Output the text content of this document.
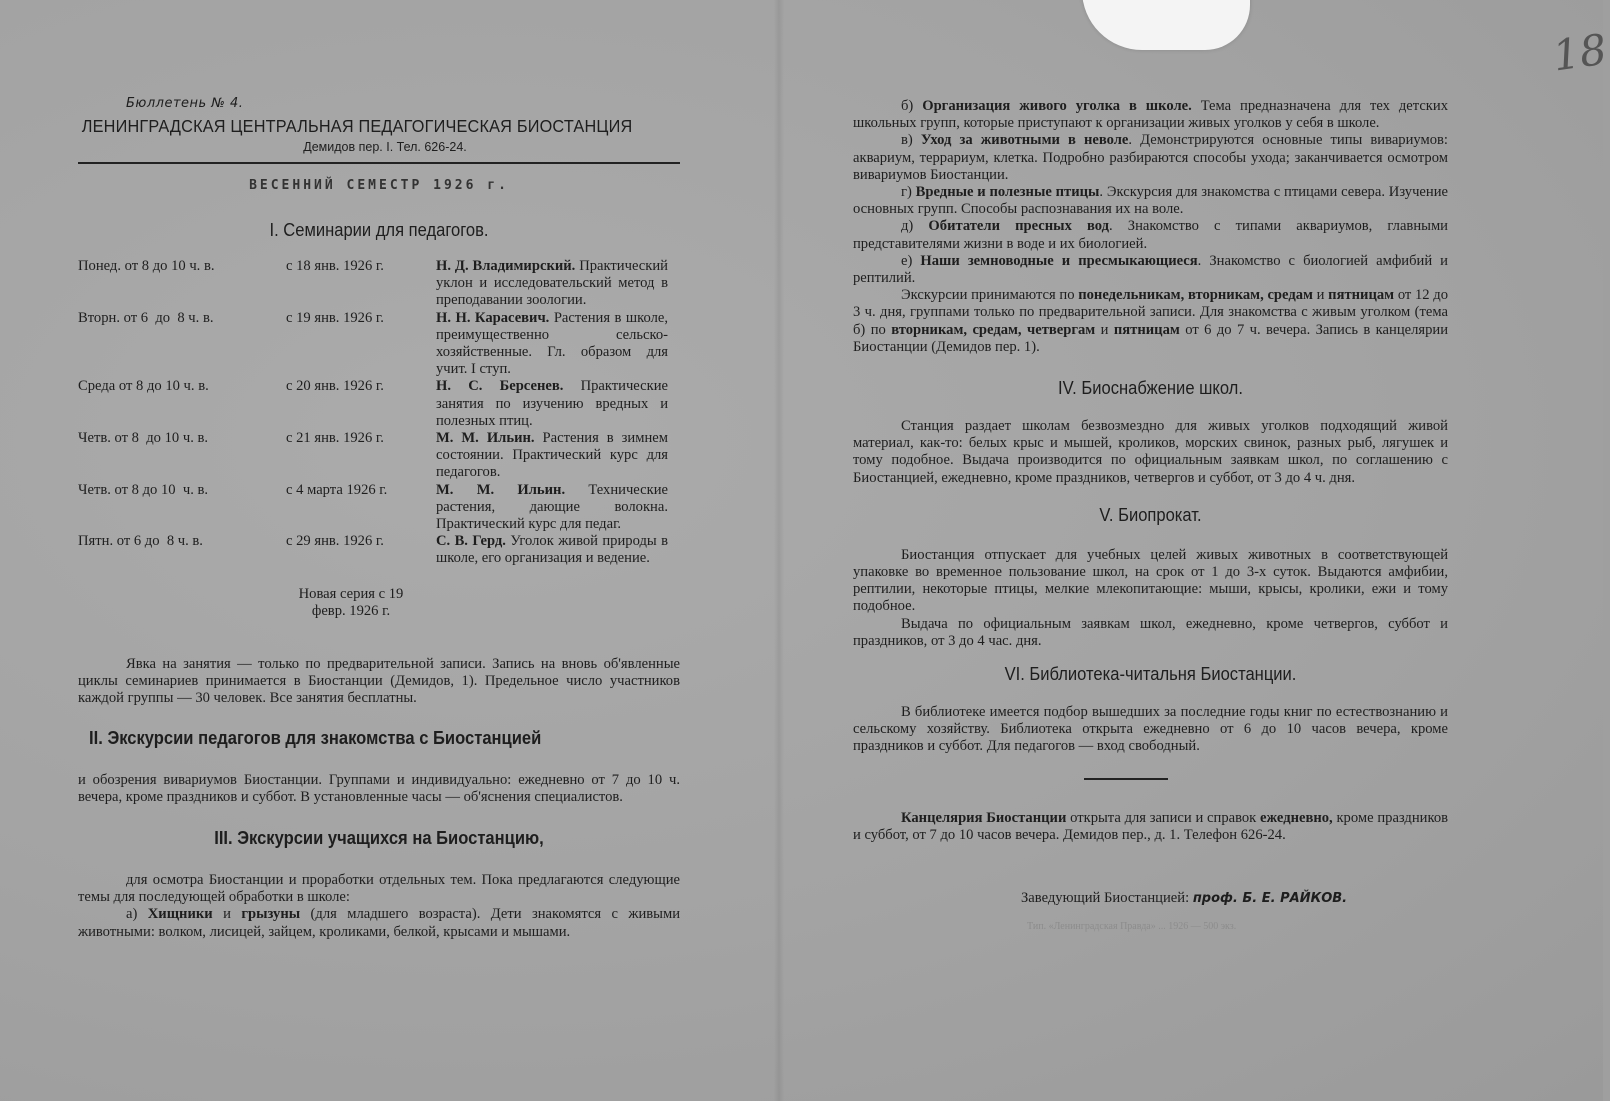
18
Бюллетень № 4.
ЛЕНИНГРАДСКАЯ ЦЕНТРАЛЬНАЯ ПЕДАГОГИЧЕСКАЯ БИОСТАНЦИЯ
Демидов пер. I. Тел. 626-24.
ВЕСЕННИЙ СЕМЕСТР 1926 г.
I. Семинарии для педагогов.
Понед. от 8 до 10 ч. в.	с 18 янв. 1926 г.	Н. Д. Владимирский. Практический уклон и исследовательский метод в преподавании зоологии.
Вторн. от 6  до  8 ч. в.	с 19 янв. 1926 г.	Н. Н. Карасевич. Растения в школе, преимущественно сельско-хозяйственные. Гл. образом для учит. I ступ.
Среда от 8 до 10 ч. в.	с 20 янв. 1926 г.	Н. С. Берсенев. Практические занятия по изучению вредных и полезных птиц.
Четв. от 8  до 10 ч. в.	с 21 янв. 1926 г.	М. М. Ильин. Растения в зимнем состоянии. Практический курс для педагогов.
Четв. от 8 до 10  ч. в.	с 4 марта 1926 г.	М. М. Ильин. Технические растения, дающие волокна. Практический курс для педаг.
Пятн. от 6 до  8 ч. в.	с 29 янв. 1926 г.	С. В. Герд. Уголок живой природы в школе, его организация и ведение.
Новая серия с 19 февр. 1926 г.
Явка на занятия — только по предварительной записи. Запись на вновь об'явленные циклы семинариев принимается в Биостанции (Демидов, 1). Предельное число участников каждой группы — 30 человек. Все занятия бесплатны.
II. Экскурсии педагогов для знакомства с Биостанцией
и обозрения вивариумов Биостанции. Группами и индивидуально: ежедневно от 7 до 10 ч. вечера, кроме праздников и суббот. В установленные часы — об'яснения специалистов.
III. Экскурсии учащихся на Биостанцию,
для осмотра Биостанции и проработки отдельных тем. Пока предлагаются следующие темы для последующей обработки в школе:
а) Хищники и грызуны (для младшего возраста). Дети знакомятся с живыми животными: волком, лисицей, зайцем, кроликами, белкой, крысами и мышами.
б) Организация живого уголка в школе. Тема предназначена для тех детских школьных групп, которые приступают к организации живых уголков у себя в школе.
в) Уход за животными в неволе. Демонстрируются основные типы вивариумов: аквариум, террариум, клетка. Подробно разбираются способы ухода; заканчивается осмотром вивариумов Биостанции.
г) Вредные и полезные птицы. Экскурсия для знакомства с птицами севера. Изучение основных групп. Способы распознавания их на воле.
д) Обитатели пресных вод. Знакомство с типами аквариумов, главными представителями жизни в воде и их биологией.
е) Наши земноводные и пресмыкающиеся. Знакомство с биологией амфибий и рептилий.
Экскурсии принимаются по понедельникам, вторникам, средам и пятницам от 12 до 3 ч. дня, группами только по предварительной записи. Для знакомства с живым уголком (тема б) по вторникам, средам, четвергам и пятницам от 6 до 7 ч. вечера. Запись в канцелярии Биостанции (Демидов пер. 1).
IV. Биоснабжение школ.
Станция раздает школам безвозмездно для живых уголков подходящий живой материал, как-то: белых крыс и мышей, кроликов, морских свинок, разных рыб, лягушек и тому подобное. Выдача производится по официальным заявкам школ, по соглашению с Биостанцией, ежедневно, кроме праздников, четвергов и суббот, от 3 до 4 ч. дня.
V. Биопрокат.
Биостанция отпускает для учебных целей живых животных в соответствующей упаковке во временное пользование школ, на срок от 1 до 3-х суток. Выдаются амфибии, рептилии, некоторые птицы, мелкие млекопитающие: мыши, крысы, кролики, ежи и тому подобное.
Выдача по официальным заявкам школ, ежедневно, кроме четвергов, суббот и праздников, от 3 до 4 час. дня.
VI. Библиотека-читальня Биостанции.
В библиотеке имеется подбор вышедших за последние годы книг по естествознанию и сельскому хозяйству. Библиотека открыта ежедневно от 6 до 10 часов вечера, кроме праздников и суббот. Для педагогов — вход свободный.
Канцелярия Биостанции открыта для записи и справок ежедневно, кроме праздников и суббот, от 7 до 10 часов вечера. Демидов пер., д. 1. Телефон 626-24.
Заведующий Биостанцией: проф. Б. Е. РАЙКОВ.
Тип. «Ленинградская Правда» ... 1926 — 500 экз.
